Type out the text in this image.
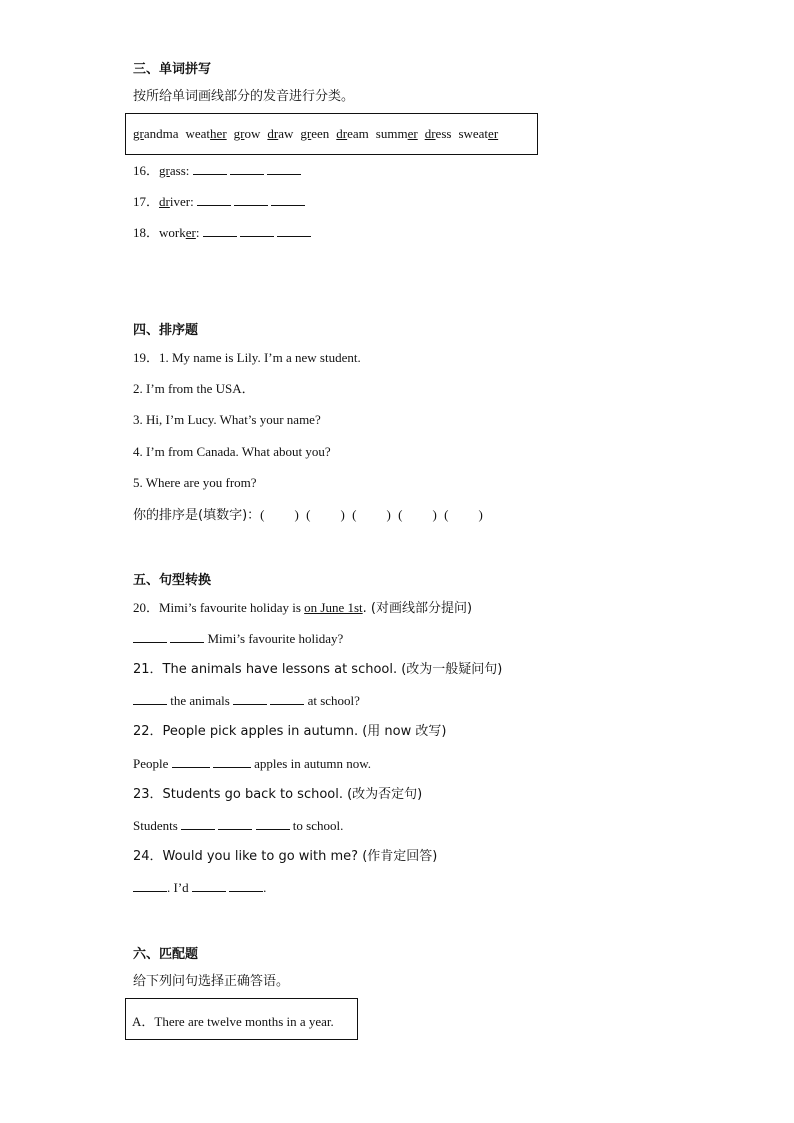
三、单词拼写
按所给单词画线部分的发音进行分类。
grandma weather grow draw green dream summer dress sweater
16．grass:
17．driver:
18．worker:
四、排序题
19．1. My name is Lily. I’m a new student.
2. I’m from the USA．
3. Hi, I’m Lucy. What’s your name?
4. I’m from Canada. What about you?
5. Where are you from?
你的排序是(填数字)：( ) ( ) ( ) ( ) ( )
五、句型转换
20．Mimi’s favourite holiday is on June 1st. (对画线部分提问)
Mimi’s favourite holiday?
21．The animals have lessons at school. (改为一般疑问句)
the animals	at school?
22．People pick apples in autumn. (用 now 改写)
People	apples in autumn now.
23．Students go back to school. (改为否定句)
Students	to school.
24．Would you like to go with me? (作肯定回答)
. I’d	.
六、匹配题
给下列问句选择正确答语。
A．There are twelve months in a year.
